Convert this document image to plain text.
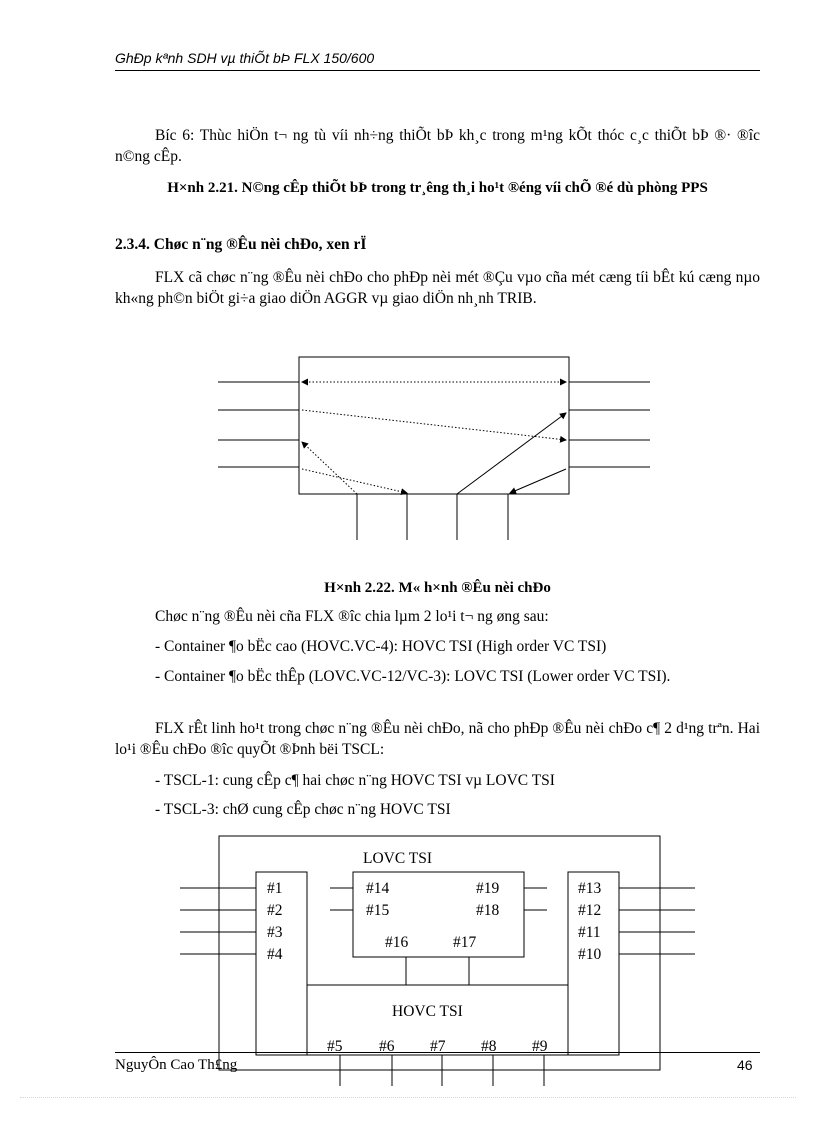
GhÐp kªnh SDH vµ thiÕt bÞ FLX 150/600
Bíc 6: Thùc hiÖn t¬ ng tù víi nh÷ng thiÕt bÞ kh¸c trong m¹ng kÕt thóc c¸c thiÕt bÞ ®· ®îc n©ng cÊp.
H×nh 2.21. N©ng cÊp thiÕt bÞ trong tr¸êng th¸i ho¹t ®éng víi chÕ ®é dù phòng PPS
2.3.4. Chøc n¨ng ®Êu nèi chÐo, xen rÏ
FLX cã chøc n¨ng ®Êu nèi chÐo cho phÐp nèi mét ®Çu vµo cña mét cæng tíi bÊt kú cæng nµo kh«ng ph©n biÖt gi÷a giao diÖn AGGR vµ giao diÖn nh¸nh TRIB.
H×nh 2.22. M« h×nh ®Êu nèi chÐo
Chøc n¨ng ®Êu nèi cña FLX ®îc chia lµm 2 lo¹i t¬ ng øng sau:
- Container ¶o bËc cao (HOVC.VC-4): HOVC TSI (High order VC TSI)
- Container ¶o bËc thÊp (LOVC.VC-12/VC-3): LOVC TSI (Lower order VC TSI).
FLX rÊt linh ho¹t trong chøc n¨ng ®Êu nèi chÐo, nã cho phÐp ®Êu nèi chÐo c¶ 2 d¹ng trªn. Hai lo¹i ®Êu chÐo ®îc quyÕt ®Þnh bëi TSCL:
- TSCL-1: cung cÊp c¶ hai chøc n¨ng HOVC TSI vµ LOVC TSI
- TSCL-3: chØ cung cÊp chøc n¨ng HOVC TSI
LOVC TSI
HOVC TSI
#1
#2
#3
#4
#13
#12
#11
#10
#14
#15
#19
#18
#16	#17
#5 #6 #7 #8 #9
NguyÔn Cao Th£ng	46
